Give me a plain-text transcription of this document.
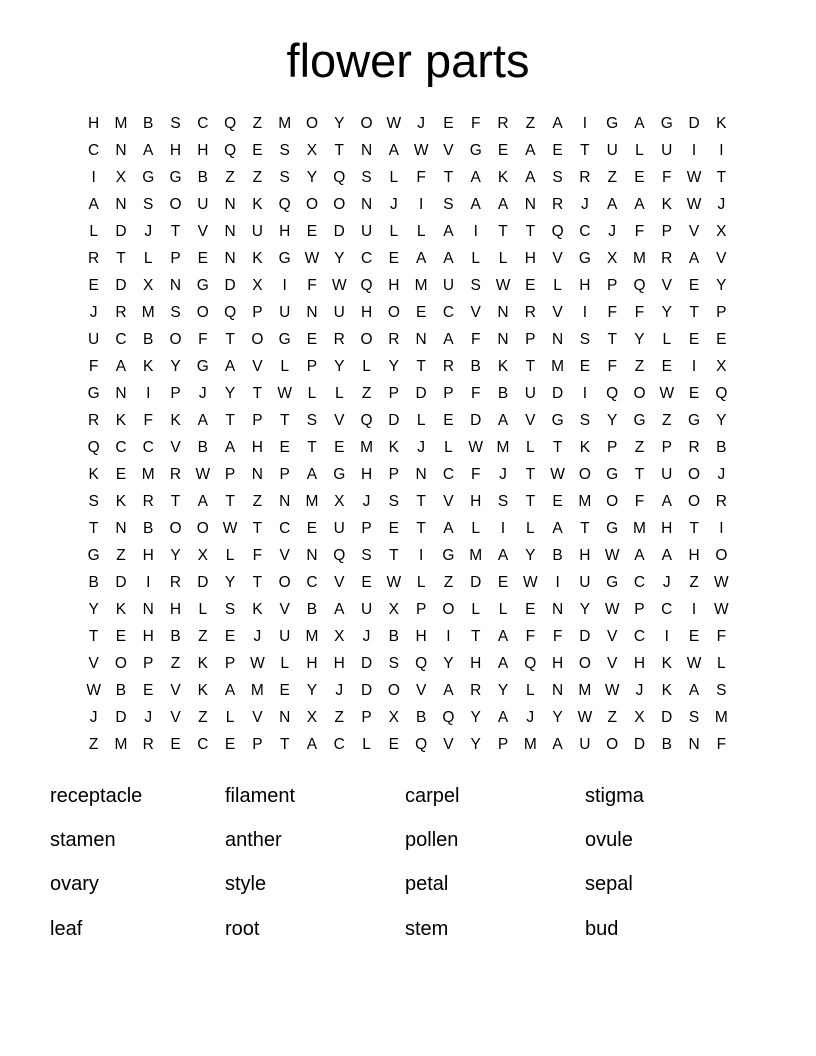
flower parts
H M	B	S	C	Q	Z	M O	Y	O W	J	E	F	R	Z	A	I	G	A	G	D	K
C	N	A	H	H	Q	E	S	X	T	N	A W V	G	E	A	E	T	U	L	U	I	I
I	X	G G	B	Z	Z	S	Y	Q	S	L	F	T	A	K	A	S	R	Z	E	F W T
A	N	S	O	U	N	K	Q O O	N	J	I	S	A	A	N	R	J	A	A	K W	J
L	D	J	T	V	N	U	H	E	D	U	L	L	A	I	T	T	Q	C	J	F	P	V	X
R	T	L	P	E	N	K	G W Y	C	E	A	A	L	L	H	V	G	X	M R	A	V
E	D	X	N	G	D	X	I	F W Q	H M U	S W E	L	H	P	Q	V	E	Y
J	R M	S	O Q	P	U	N	U	H	O	E	C	V	N	R	V	I	F	F	Y	T	P
U	C	B	O	F	T	O G	E	R	O	R	N	A	F	N	P	N	S	T	Y	L	E	E
F	A	K	Y	G	A	V	L	P	Y	L	Y	T	R	B	K	T	M	E	F	Z	E	I	X
G	N	I	P	J	Y	T W	L	L	Z	P	D	P	F	B	U	D	I	Q O W E	Q
R	K	F	K	A	T	P	T	S	V	Q	D	L	E	D	A	V	G	S	Y	G	Z	G	Y
Q	C	C	V	B	A	H	E	T	E	M	K	J	L	W M	L	T	K	P	Z	P	R	B
K	E	M R W P	N	P	A	G	H	P	N	C	F	J	T W O G	T	U	O	J
S	K	R	T	A	T	Z	N M	X	J	S	T	V	H	S	T	E	M O	F	A	O	R
T	N	B	O O W T	C	E	U	P	E	T	A	L	I	L	A	T	G M H	T	I
G	Z	H	Y	X	L	F	V	N	Q	S	T	I	G M	A	Y	B	H W A	A	H	O
B	D	I	R	D	Y	T	O	C	V	E W	L	Z	D	E W	I	U	G	C	J	Z W
Y	K	N	H	L	S	K	V	B	A	U	X	P	O	L	L	E	N	Y W P	C	I	W
T	E	H	B	Z	E	J	U M	X	J	B	H	I	T	A	F	F	D	V	C	I	E	F
V	O	P	Z	K	P W	L	H	H	D	S	Q	Y	H	A	Q	H	O	V	H	K W	L
W B	E	V	K	A	M	E	Y	J	D	O	V	A	R	Y	L	N M W	J	K	A	S
J	D	J	V	Z	L	V	N	X	Z	P	X	B	Q	Y	A	J	Y W Z	X	D	S	M
Z	M R	E	C	E	P	T	A	C	L	E	Q	V	Y	P	M	A	U	O	D	B	N	F
receptacle	filament	carpel	stigma
stamen	anther	pollen	ovule
ovary	style	petal	sepal
leaf	root	stem	bud
